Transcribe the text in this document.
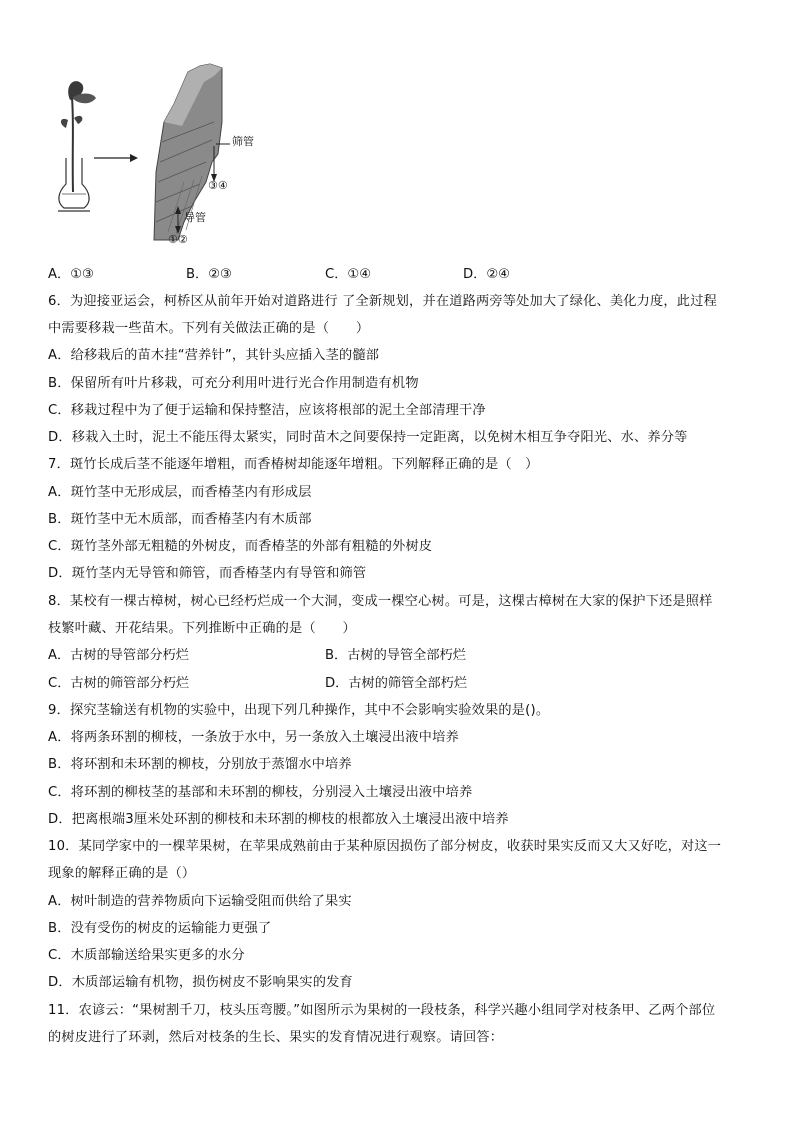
筛管
③④
导管
①②
A．①③	B．②③	C．①④	D．②④
6．为迎接亚运会，柯桥区从前年开始对道路进行 了全新规划，并在道路两旁等处加大了绿化、美化力度，此过程
中需要移栽一些苗木。下列有关做法正确的是（　　）
A．给移栽后的苗木挂“营养针”，其针头应插入茎的髓部
B．保留所有叶片移栽，可充分利用叶进行光合作用制造有机物
C．移栽过程中为了便于运输和保持整洁，应该将根部的泥土全部清理干净
D．移栽入土时，泥土不能压得太紧实，同时苗木之间要保持一定距离，以免树木相互争夺阳光、水、养分等
7．斑竹长成后茎不能逐年增粗，而香椿树却能逐年增粗。下列解释正确的是（　）
A．斑竹茎中无形成层，而香椿茎内有形成层
B．斑竹茎中无木质部，而香椿茎内有木质部
C．斑竹茎外部无粗糙的外树皮，而香椿茎的外部有粗糙的外树皮
D．斑竹茎内无导管和筛管，而香椿茎内有导管和筛管
8．某校有一棵古樟树，树心已经朽烂成一个大洞，变成一棵空心树。可是，这棵古樟树在大家的保护下还是照样
枝繁叶藏、开花结果。下列推断中正确的是（　　）
A．古树的导管部分朽烂	B．古树的导管全部朽烂
C．古树的筛管部分朽烂	D．古树的筛管全部朽烂
9．探究茎输送有机物的实验中，出现下列几种操作，其中不会影响实验效果的是()。
A．将两条环割的柳枝，一条放于水中，另一条放入土壤浸出液中培养
B．将环割和未环割的柳枝，分别放于蒸馏水中培养
C．将环割的柳枝茎的基部和未环割的柳枝，分别浸入土壤浸出液中培养
D．把离根端3厘米处环割的柳枝和未环割的柳枝的根都放入土壤浸出液中培养
10．某同学家中的一棵苹果树，在苹果成熟前由于某种原因损伤了部分树皮，收获时果实反而又大又好吃，对这一
现象的解释正确的是（）
A．树叶制造的营养物质向下运输受阻而供给了果实
B．没有受伤的树皮的运输能力更强了
C．木质部输送给果实更多的水分
D．木质部运输有机物，损伤树皮不影响果实的发育
11．农谚云：“果树割千刀，枝头压弯腰。”如图所示为果树的一段枝条，科学兴趣小组同学对枝条甲、乙两个部位
的树皮进行了环剥，然后对枝条的生长、果实的发育情况进行观察。请回答：
